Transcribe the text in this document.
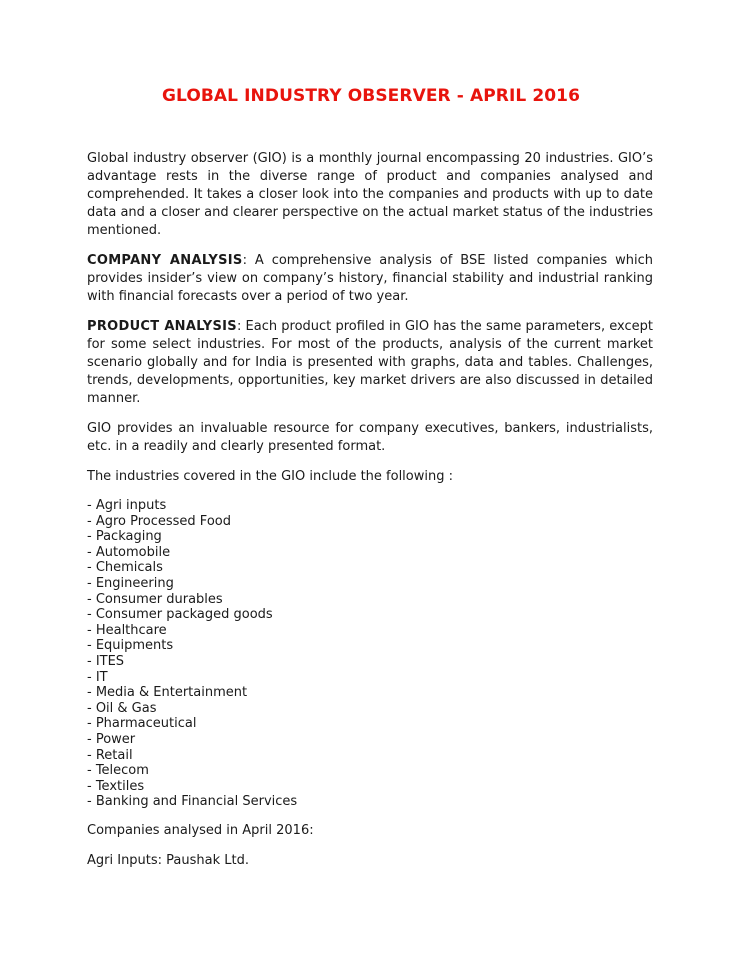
GLOBAL INDUSTRY OBSERVER - APRIL 2016

Global industry observer (GIO) is a monthly journal encompassing 20 industries. GIO’s advantage rests in the diverse range of product and companies analysed and comprehended. It takes a closer look into the companies and products with up to date data and a closer and clearer perspective on the actual market status of the industries mentioned.

COMPANY ANALYSIS: A comprehensive analysis of BSE listed companies which provides insider’s view on company’s history, financial stability and industrial ranking with financial forecasts over a period of two year.

PRODUCT ANALYSIS: Each product profiled in GIO has the same parameters, except for some select industries. For most of the products, analysis of the current market scenario globally and for India is presented with graphs, data and tables. Challenges, trends, developments, opportunities, key market drivers are also discussed in detailed manner.

GIO provides an invaluable resource for company executives, bankers, industrialists, etc. in a readily and clearly presented format.

The industries covered in the GIO include the following :

- Agri inputs
- Agro Processed Food
- Packaging
- Automobile
- Chemicals
- Engineering
- Consumer durables
- Consumer packaged goods
- Healthcare
- Equipments
- ITES
- IT
- Media & Entertainment
- Oil & Gas
- Pharmaceutical
- Power
- Retail
- Telecom
- Textiles
- Banking and Financial Services

Companies analysed in April 2016:

Agri Inputs: Paushak Ltd.
